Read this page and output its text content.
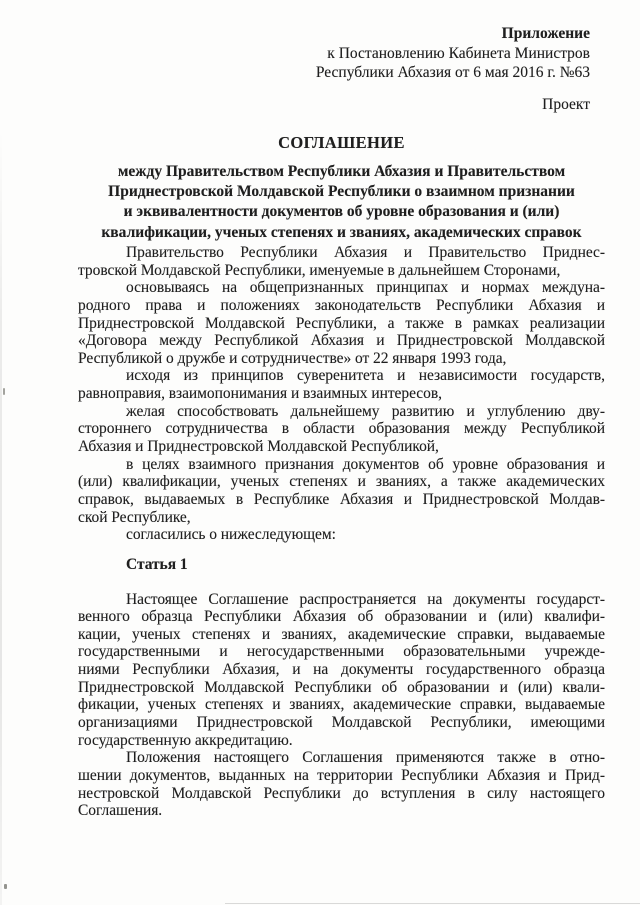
Приложение
к Постановлению Кабинета Министров
Республики Абхазия от 6 мая 2016 г. №63
Проект
СОГЛАШЕНИЕ
между Правительством Республики Абхазия и Правительством
Приднестровской Молдавской Республики о взаимном признании
и эквивалентности документов об уровне образования и (или)
квалификации, ученых степенях и званиях, академических справок
Правительство Республики Абхазия и Правительство Приднес-
тровской Молдавской Республики, именуемые в дальнейшем Сторонами,
основываясь на общепризнанных принципах и нормах междуна-
родного права и положениях законодательств Республики Абхазия и
Приднестровской Молдавской Республики, а также в рамках реализации
«Договора между Республикой Абхазия и Приднестровской Молдавской
Республикой о дружбе и сотрудничестве» от 22 января 1993 года,
исходя из принципов суверенитета и независимости государств,
равноправия, взаимопонимания и взаимных интересов,
желая способствовать дальнейшему развитию и углублению дву-
стороннего сотрудничества в области образования между Республикой
Абхазия и Приднестровской Молдавской Республикой,
в целях взаимного признания документов об уровне образования и
(или) квалификации, ученых степенях и званиях, а также академических
справок, выдаваемых в Республике Абхазия и Приднестровской Молдав-
ской Республике,
согласились о нижеследующем:
Статья 1
Настоящее Соглашение распространяется на документы государст-
венного образца Республики Абхазия об образовании и (или) квалифи-
кации, ученых степенях и званиях, академические справки, выдаваемые
государственными и негосударственными образовательными учрежде-
ниями Республики Абхазия, и на документы государственного образца
Приднестровской Молдавской Республики об образовании и (или) квали-
фикации, ученых степенях и званиях, академические справки, выдаваемые
организациями Приднестровской Молдавской Республики, имеющими
государственную аккредитацию.
Положения настоящего Соглашения применяются также в отно-
шении документов, выданных на территории Республики Абхазия и Прид-
нестровской Молдавской Республики до вступления в силу настоящего
Соглашения.
